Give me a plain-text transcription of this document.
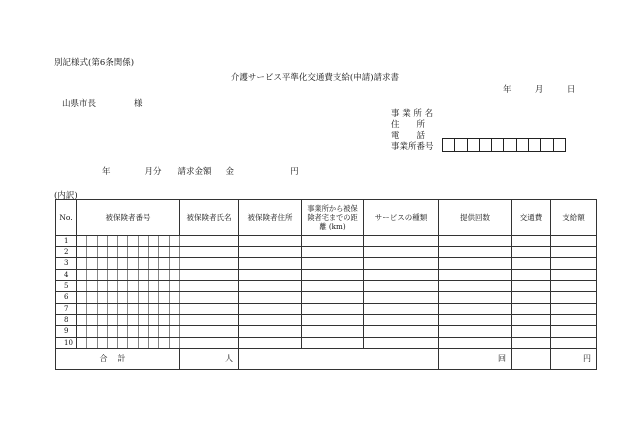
別記様式(第6条関係)
介護サービス平準化交通費支給(申請)請求書
年	月	日
山県市長	様
事 業 所 名
住　　所
電　　話
事業所番号
年	月分 請求金額 金	円
(内訳)
No.	被保険者番号										被保険者氏名	被保険者住所	事業所から被保険者宅までの距離 (km)	サービスの種類	提供回数	交通費	支給額
1																	
2																	
3																	
4																	
5																	
6																	
7																	
8																	
9																	
10																	
合計											人				回		円
